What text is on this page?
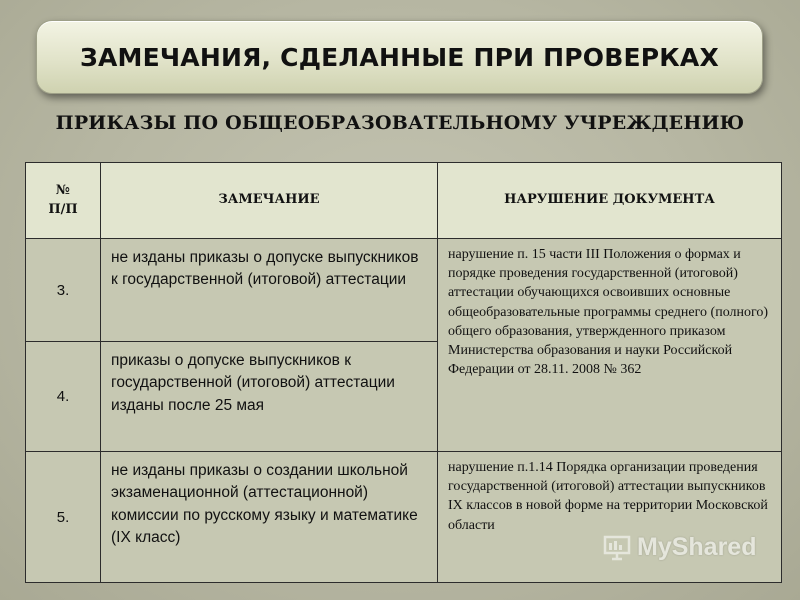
ЗАМЕЧАНИЯ, СДЕЛАННЫЕ ПРИ ПРОВЕРКАХ
ПРИКАЗЫ ПО ОБЩЕОБРАЗОВАТЕЛЬНОМУ УЧРЕЖДЕНИЮ
№
П/П	ЗАМЕЧАНИЕ	НАРУШЕНИЕ ДОКУМЕНТА
3.	не изданы приказы о допуске выпускников к государственной (итоговой) аттестации	нарушение п. 15 части III Положения о формах и порядке проведения государственной (итоговой) аттестации обучающихся освоивших основные общеобразовательные программы среднего (полного) общего образования, утвержденного приказом Министерства образования и науки Российской Федерации от 28.11. 2008 № 362
4.	приказы о допуске выпускников к государственной (итоговой) аттестации изданы после 25 мая	
5.	не изданы приказы о создании школьной экзаменационной (аттестационной) комиссии по русскому языку и математике (IX класс)	нарушение п.1.14 Порядка организации проведения государственной (итоговой) аттестации выпускников IX классов в новой форме на территории Московской области
MyShared
